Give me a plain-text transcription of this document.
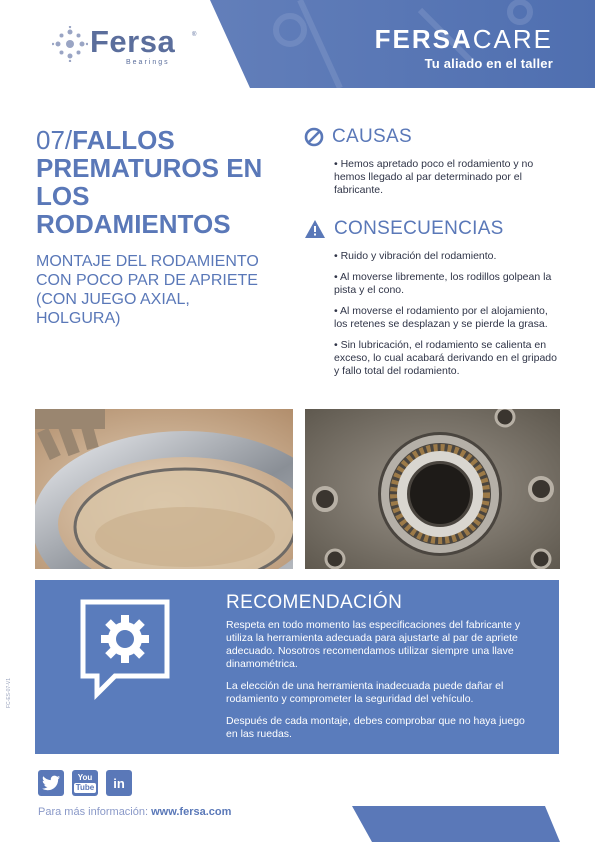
Fersa	®
Bearings
FERSACARE
Tu aliado en el taller
07/FALLOS PREMATUROS EN LOS RODAMIENTOS
MONTAJE DEL RODAMIENTO CON POCO PAR DE APRIETE (CON JUEGO AXIAL, HOLGURA)
CAUSAS
• Hemos apretado poco el rodamiento y no hemos llegado al par determinado por el fabricante.
CONSECUENCIAS
• Ruido y vibración del rodamiento.
• Al moverse libremente, los rodillos golpean la pista y el cono.
• Al moverse el rodamiento por el alojamiento, los retenes se desplazan y se pierde la grasa.
• Sin lubricación, el rodamiento se calienta en exceso, lo cual acabará derivando en el gripado y fallo total del rodamiento.
RECOMENDACIÓN

Respeta en todo momento las especificaciones del fabricante y utiliza la herramienta adecuada para ajustarte al par de apriete adecuado. Nosotros recomendamos utilizar siempre una llave dinamométrica.

La elección de una herramienta inadecuada puede dañar el rodamiento y comprometer la seguridad del vehículo.

Después de cada montaje, debes comprobar que no haya juego en las ruedas.

FC-ES-07-V1
You
Tube in
Para más información: www.fersa.com
